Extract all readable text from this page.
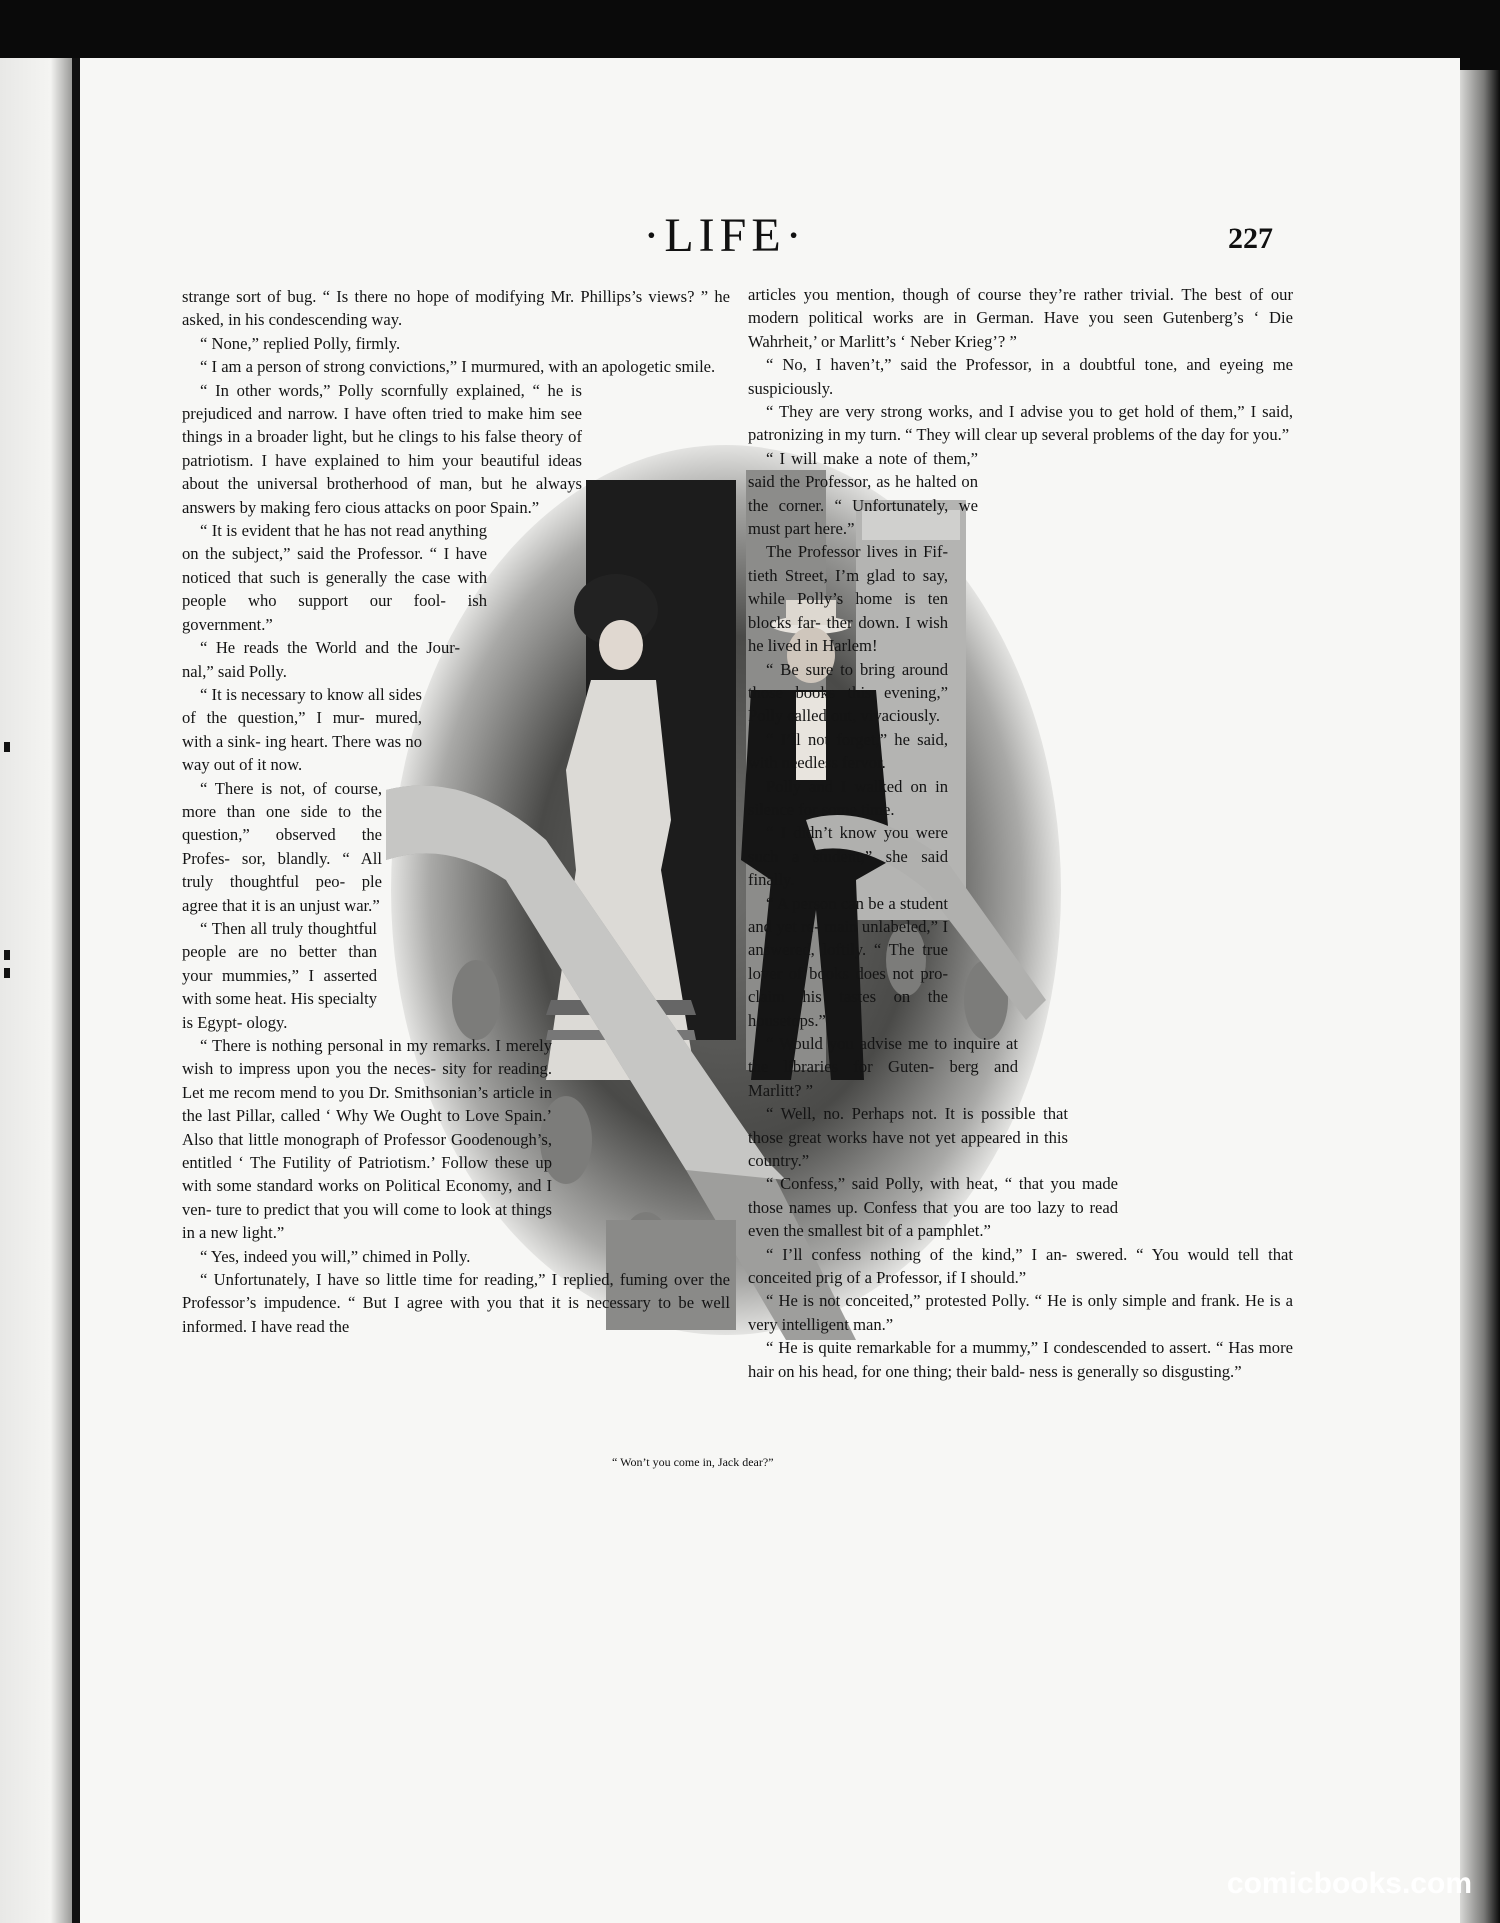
·LIFE·	227
“ Won’t you come in, Jack dear?”

strange sort of bug. “ Is there no hope of modifying Mr. Phillips’s views? ” he asked, in his condescending way.

“ None,” replied Polly, firmly.

“ I am a person of strong convictions,” I murmured, with an apologetic smile.

“ In other words,” Polly scornfully explained, “ he is prejudiced and narrow. I have often tried to make him see things in a broader light, but he clings to his false theory of patriotism. I have explained to him your beautiful ideas about the universal brotherhood of man, but he always answers by making fero cious attacks on poor Spain.”

“ It is evident that he has not read anything on the subject,” said the Professor. “ I have noticed that such is generally the case with people who support our fool- ish government.”

“ He reads the World and the Jour- nal,” said Polly.

“ It is necessary to know all sides of the question,” I mur- mured, with a sink- ing heart. There was no way out of it now.

“ There is not, of course, more than one side to the question,” observed the Profes- sor, blandly. “ All truly thoughtful peo- ple agree that it is an unjust war.”

“ Then all truly thoughtful people are no better than your mummies,” I asserted with some heat. His specialty is Egypt- ology.

“ There is nothing personal in my remarks. I merely wish to impress upon you the neces- sity for reading. Let me recom mend to you Dr. Smithsonian’s article in the last Pillar, called ‘ Why We Ought to Love Spain.’ Also that little monograph of Professor Goodenough’s, entitled ‘ The Futility of Patriotism.’ Follow these up with some standard works on Political Economy, and I ven- ture to predict that you will come to look at things in a new light.”

“ Yes, indeed you will,” chimed in Polly.

“ Unfortunately, I have so little time for reading,” I replied, fuming over the Professor’s impudence. “ But I agree with you that it is necessary to be well informed. I have read the

articles you mention, though of course they’re rather trivial. The best of our modern political works are in German. Have you seen Gutenberg’s ‘ Die Wahrheit,’ or Marlitt’s ‘ Neber Krieg’? ”

“ No, I haven’t,” said the Professor, in a doubtful tone, and eyeing me suspiciously.

“ They are very strong works, and I advise you to get hold of them,” I said, patronizing in my turn. “ They will clear up several problems of the day for you.”

“ I will make a note of them,” said the Professor, as he halted on the corner. “ Unfortunately, we must part here.”

The Professor lives in Fif- tieth Street, I’m glad to say, while Polly’s home is ten blocks far- ther down. I wish he lived in Harlem!

“ Be sure to bring around those books this evening,” Polly called out, vivaciously.

“ I’ll not forget,” he said, with needless fervor.

Polly and I walked on in silence for some time.

“ I didn’t know you were such a student,” she said finally.

“ A person can be a student and yet re- main unlabeled,” I answered, loftily. “ The true lover of books does not pro- claim his tastes on the housetops.”

“ Would you advise me to inquire at the libraries for Guten- berg and Marlitt? ”

“ Well, no. Perhaps not. It is possible that those great works have not yet appeared in this country.”

“ Confess,” said Polly, with heat, “ that you made those names up. Confess that you are too lazy to read even the smallest bit of a pamphlet.”

“ I’ll confess nothing of the kind,” I an- swered. “ You would tell that conceited prig of a Professor, if I should.”

“ He is not conceited,” protested Polly. “ He is only simple and frank. He is a very intelligent man.”

“ He is quite remarkable for a mummy,” I condescended to assert. “ Has more hair on his head, for one thing; their bald- ness is generally so disgusting.”

comicbooks.com
